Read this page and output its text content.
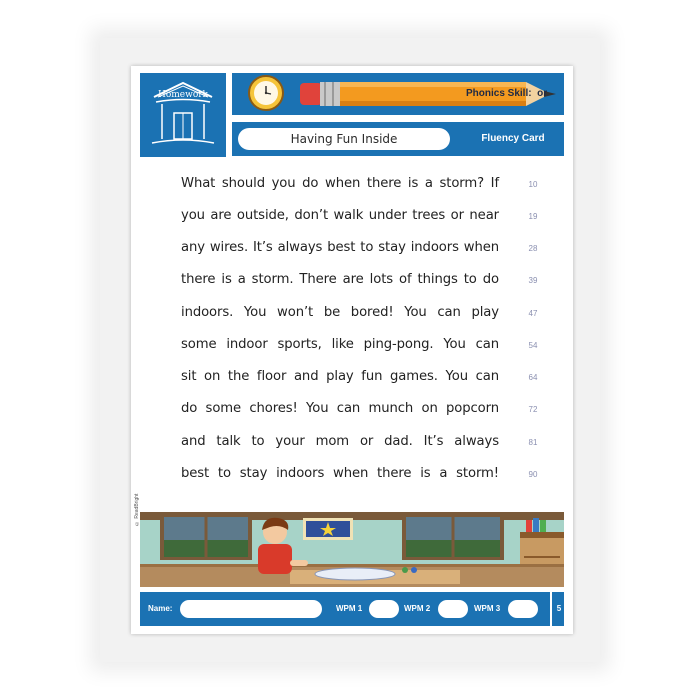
Homework	Phonics Skill: or
Having Fun Inside	Fluency Card
What should you do when there is a storm? If	10
you are outside, don’t walk under trees or near	19
any wires. It’s always best to stay indoors when	28
there is a storm. There are lots of things to do	39
indoors. You won’t be bored! You can play	47
some indoor sports, like ping-pong. You can	54
sit on the floor and play fun games. You can	64
do some chores! You can munch on popcorn	72
and talk to your mom or dad. It’s always	81
best to stay indoors when there is a storm!	90
© ReadBright
Name:	WPM 1	WPM 2	WPM 3	5
